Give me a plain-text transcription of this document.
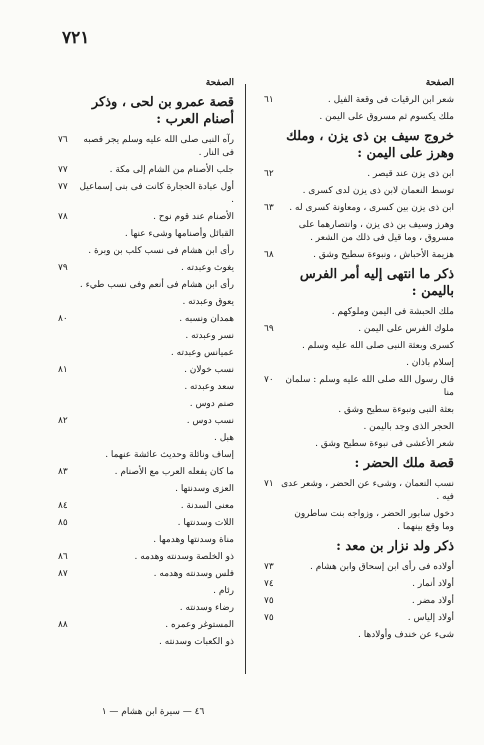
٧٢١
الصفحة
٦١	شعر ابن الرقيات فى وقعة الفيل .
ملك يكسوم ثم مسروق على اليمن .
خروج سيف بن ذى يزن ، وملك وهرز على اليمن :
٦٢	ابن ذى يزن عند قيصر .
توسط النعمان لابن ذى يزن لدى كسرى .
٦٣	ابن ذى يزن بين كسرى ، ومعاونة كسرى له .
وهرز وسيف بن ذى يزن ، وانتصارهما على مسروق ، وما قيل فى ذلك من الشعر .
٦٨	هزيمة الأحباش ، ونبوءة سطيح وشق .
ذكر ما انتهى إليه أمر الفرس باليمن :
ملك الحبشة فى اليمن وملوكهم .
٦٩	ملوك الفرس على اليمن .
كسرى وبعثة النبى صلى الله عليه وسلم .
إسلام باذان .
٧٠	قال رسول الله صلى الله عليه وسلم : سلمان منا
بعثة النبى ونبوءة سطيح وشق .
الحجر الذى وجد باليمن .
شعر الأعشى فى نبوءة سطيح وشق .
قصة ملك الحضر :
٧١ نسب النعمان ، وشىء عن الحضر ، وشعر عدى فيه .
دخول سابور الحضر ، وزواجه بنت ساطرون وما وقع بينهما .
ذكر ولد نزار بن معد :
٧٣	أولاده فى رأى ابن إسحاق وابن هشام .
٧٤	أولاد أنمار .
٧٥	أولاد مضر .
٧٥	أولاد إلياس .
شىء عن خندف وأولادها .
الصفحة
قصة عمرو بن لحى ، وذكر أصنام العرب :
٧٦	رآه النبى صلى الله عليه وسلم يجر قصبه فى النار .
٧٧	جلب الأصنام من الشام إلى مكة .
٧٧	أول عبادة الحجارة كانت فى بنى إسماعيل .
٧٨	الأصنام عند قوم نوح .
القبائل وأصنامها وشىء عنها .
رأى ابن هشام فى نسب كلب بن وبرة .
٧٩	يغوث وعبدته .
رأى ابن هشام فى أنعم وفى نسب طيء .
يعوق وعبدته .
٨٠	همدان ونسبه .
نسر وعبدته .
عميانس وعبدته .
٨١	نسب خولان .
سعد وعبدته .
صنم دوس .
٨٢	نسب دوس .
هبل .
إساف ونائلة وحديث عائشة عنهما .
٨٣	ما كان يفعله العرب مع الأصنام .
العزى وسدنتها .
٨٤	معنى السدنة .
٨٥	اللات وسدنتها .
مناة وسدنتها وهدمها .
٨٦	ذو الخلصة وسدنته وهدمه .
٨٧	فلس وسدنته وهدمه .
رئام .
رضاء وسدنته .
٨٨	المستوغر وعمره .
ذو الكعبات وسدنته .
٤٦ — سيرة ابن هشام — ١
